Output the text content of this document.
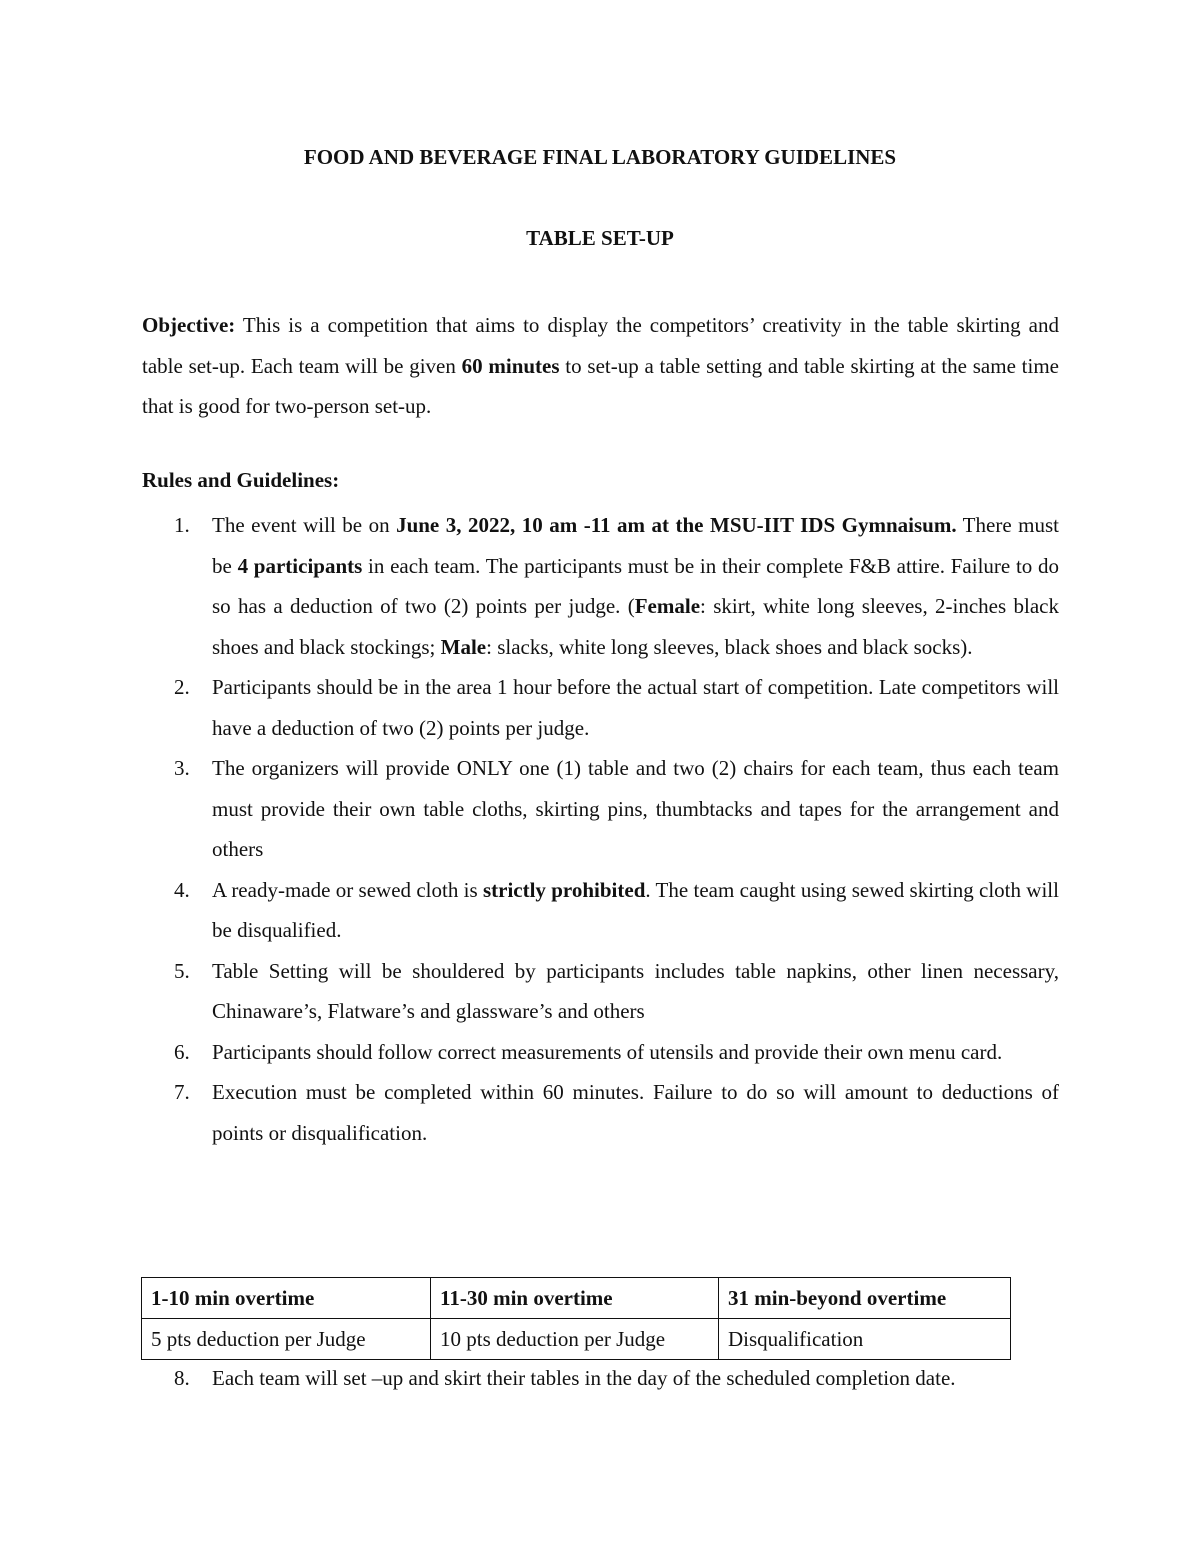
FOOD AND BEVERAGE FINAL LABORATORY GUIDELINES
TABLE SET-UP
Objective: This is a competition that aims to display the competitors’ creativity in the table skirting and table set-up. Each team will be given 60 minutes to set-up a table setting and table skirting at the same time that is good for two-person set-up.
Rules and Guidelines:
1. The event will be on June 3, 2022, 10 am -11 am at the MSU-IIT IDS Gymnaisum. There must be 4 participants in each team. The participants must be in their complete F&B attire. Failure to do so has a deduction of two (2) points per judge. (Female: skirt, white long sleeves, 2-inches black shoes and black stockings; Male: slacks, white long sleeves, black shoes and black socks).
2. Participants should be in the area 1 hour before the actual start of competition. Late competitors will have a deduction of two (2) points per judge.
3. The organizers will provide ONLY one (1) table and two (2) chairs for each team, thus each team must provide their own table cloths, skirting pins, thumbtacks and tapes for the arrangement and others
4. A ready-made or sewed cloth is strictly prohibited. The team caught using sewed skirting cloth will be disqualified.
5. Table Setting will be shouldered by participants includes table napkins, other linen necessary, Chinaware’s, Flatware’s and glassware’s and others
6. Participants should follow correct measurements of utensils and provide their own menu card.
7. Execution must be completed within 60 minutes. Failure to do so will amount to deductions of points or disqualification.
1-10 min overtime	11-30 min overtime	31 min-beyond overtime
5 pts deduction per Judge	10 pts deduction per Judge	Disqualification
8. Each team will set –up and skirt their tables in the day of the scheduled completion date.
